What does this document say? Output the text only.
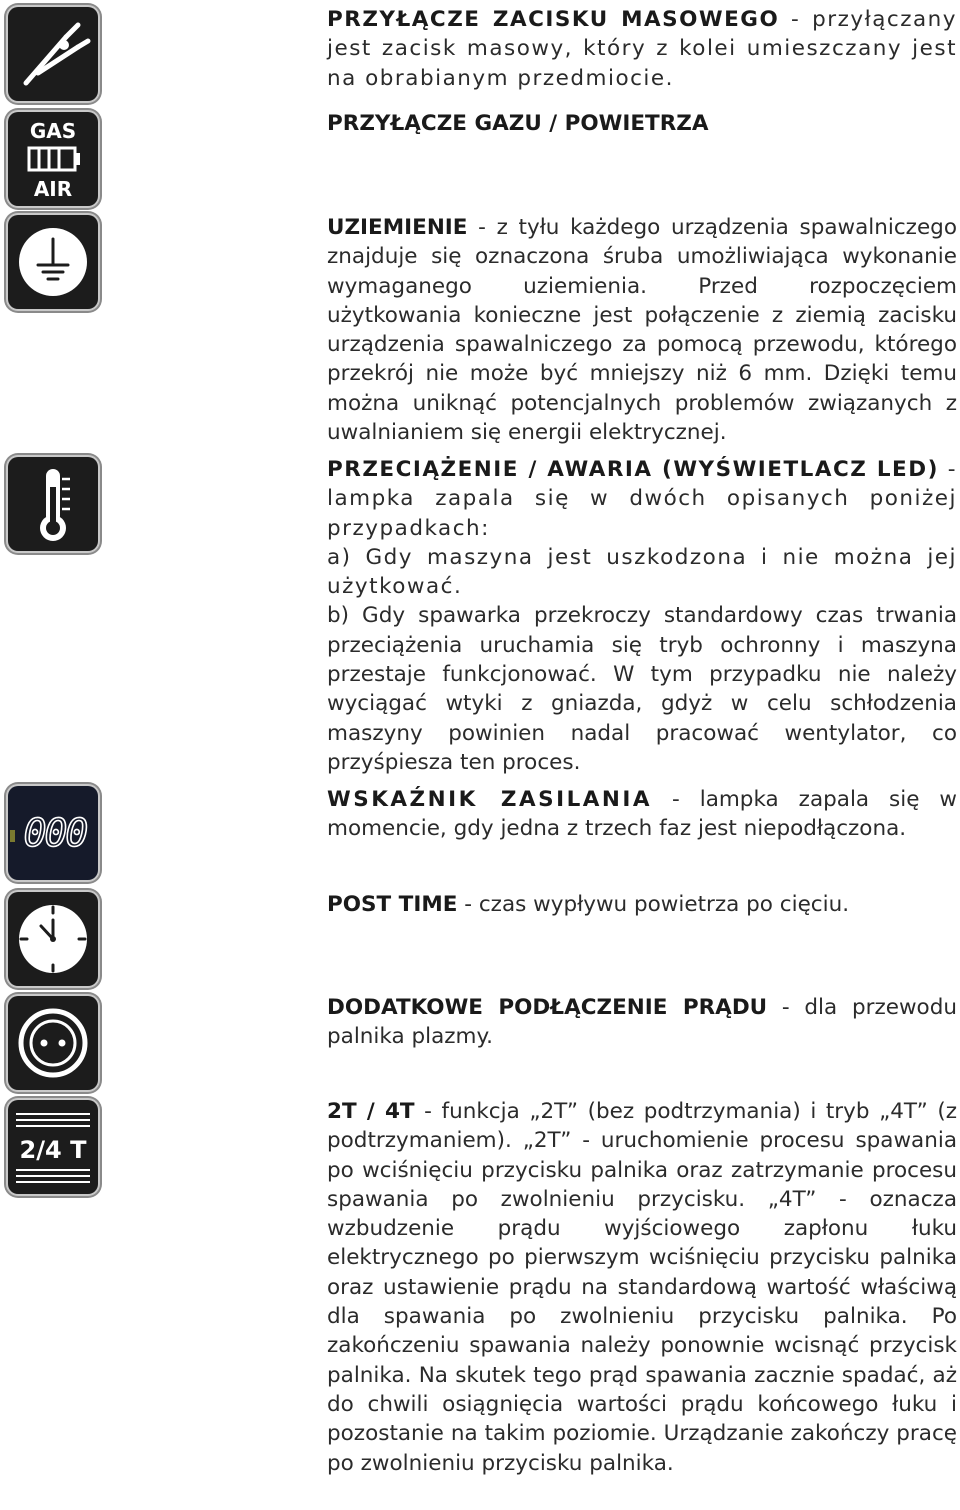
GAS
AIR
000
2/4 T

PRZYŁĄCZE ZACISKU MASOWEGO - przyłączany jest zacisk masowy, który z kolei umieszczany jest na obrabianym przedmiocie.

PRZYŁĄCZE GAZU / POWIETRZA

UZIEMIENIE - z tyłu każdego urządzenia spawalniczego znajduje się oznaczona śruba umożliwiająca wykonanie wymaganego uziemienia. Przed rozpoczęciem użytkowania konieczne jest połączenie z ziemią zacisku urządzenia spawalniczego za pomocą przewodu, którego przekrój nie może być mniejszy niż 6 mm. Dzięki temu można uniknąć potencjalnych problemów związanych z uwalnianiem się energii elektrycznej.

PRZECIĄŻENIE / AWARIA (WYŚWIETLACZ LED) - lampka zapala się w dwóch opisanych poniżej przypadkach:

a) Gdy maszyna jest uszkodzona i nie można jej użytkować.

b) Gdy spawarka przekroczy standardowy czas trwania przeciążenia uruchamia się tryb ochronny i maszyna przestaje funkcjonować. W tym przypadku nie należy wyciągać wtyki z gniazda, gdyż w celu schłodzenia maszyny powinien nadal pracować wentylator, co przyśpiesza ten proces.

WSKAŹNIK ZASILANIA - lampka zapala się w momencie, gdy jedna z trzech faz jest niepodłączona.

POST TIME - czas wypływu powietrza po cięciu.

DODATKOWE PODŁĄCZENIE PRĄDU - dla przewodu palnika plazmy.

2T / 4T - funkcja „2T” (bez podtrzymania) i tryb „4T” (z podtrzymaniem). „2T” - uruchomienie procesu spawania po wciśnięciu przycisku palnika oraz zatrzymanie procesu spawania po zwolnieniu przycisku. „4T” - oznacza wzbudzenie prądu wyjściowego zapłonu łuku elektrycznego po pierwszym wciśnięciu przycisku palnika oraz ustawienie prądu na standardową wartość właściwą dla spawania po zwolnieniu przycisku palnika. Po zakończeniu spawania należy ponownie wcisnąć przycisk palnika. Na skutek tego prąd spawania zacznie spadać, aż do chwili osiągnięcia wartości prądu końcowego łuku i pozostanie na takim poziomie. Urządzanie zakończy pracę po zwolnieniu przycisku palnika.
